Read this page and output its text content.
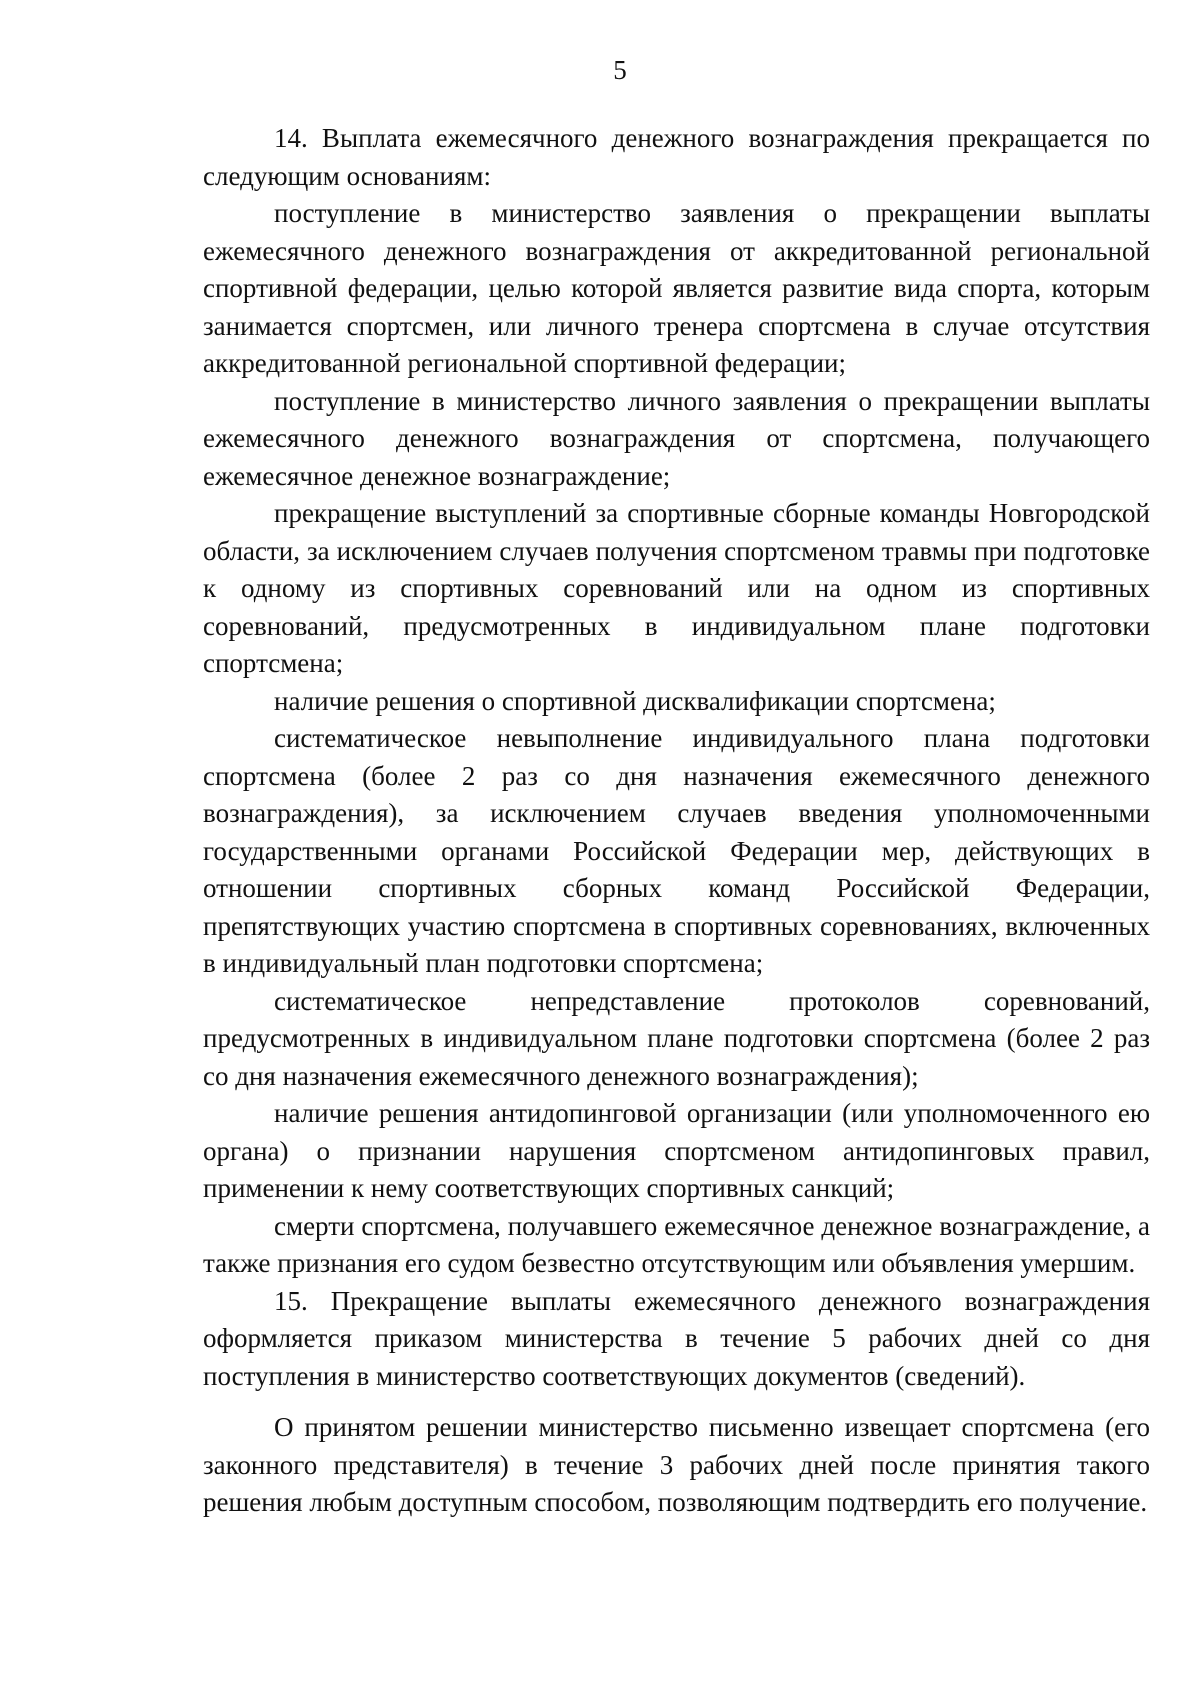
5

14. Выплата ежемесячного денежного вознаграждения прекращается по следующим основаниям:

поступление в министерство заявления о прекращении выплаты ежемесячного денежного вознаграждения от аккредитованной региональной спортивной федерации, целью которой является развитие вида спорта, которым занимается спортсмен, или личного тренера спортсмена в случае отсутствия аккредитованной региональной спортивной федерации;

поступление в министерство личного заявления о прекращении выплаты ежемесячного денежного вознаграждения от спортсмена, получающего ежемесячное денежное вознаграждение;

прекращение выступлений за спортивные сборные команды Новгородской области, за исключением случаев получения спортсменом травмы при подготовке к одному из спортивных соревнований или на одном из спортивных соревнований, предусмотренных в индивидуальном плане подготовки спортсмена;

наличие решения о спортивной дисквалификации спортсмена;

систематическое невыполнение индивидуального плана подготовки спортсмена (более 2 раз со дня назначения ежемесячного денежного вознаграждения), за исключением случаев введения уполномоченными государственными органами Российской Федерации мер, действующих в отношении спортивных сборных команд Российской Федерации, препятствующих участию спортсмена в спортивных соревнованиях, включенных в индивидуальный план подготовки спортсмена;

систематическое непредставление протоколов соревнований, предусмотренных в индивидуальном плане подготовки спортсмена (более 2 раз со дня назначения ежемесячного денежного вознаграждения);

наличие решения антидопинговой организации (или уполномоченного ею органа) о признании нарушения спортсменом антидопинговых правил, применении к нему соответствующих спортивных санкций;

смерти спортсмена, получавшего ежемесячное денежное вознаграждение, а также признания его судом безвестно отсутствующим или объявления умершим.

15. Прекращение выплаты ежемесячного денежного вознаграждения оформляется приказом министерства в течение 5 рабочих дней со дня поступления в министерство соответствующих документов (сведений).

О принятом решении министерство письменно извещает спортсмена (его законного представителя) в течение 3 рабочих дней после принятия такого решения любым доступным способом, позволяющим подтвердить его получение.
